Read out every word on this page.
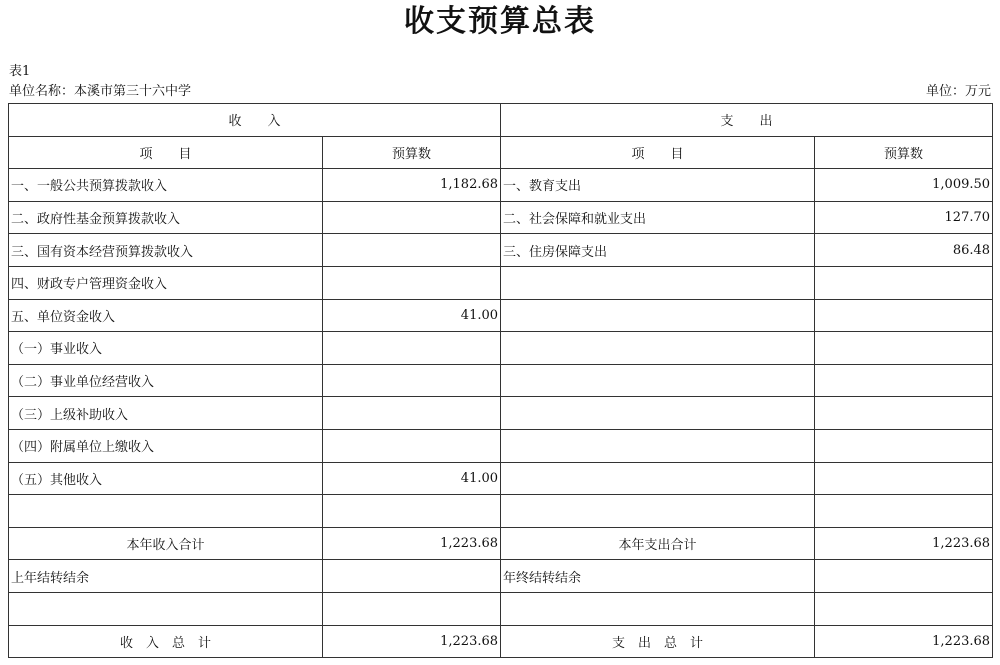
收支预算总表
表1
单位名称：本溪市第三十六中学	单位：万元
收　　入		支　　出	
项　　目	预算数	项　　目	预算数
一、一般公共预算拨款收入	1,182.68	一、教育支出	1,009.50
二、政府性基金预算拨款收入		二、社会保障和就业支出	127.70
三、国有资本经营预算拨款收入		三、住房保障支出	86.48
四、财政专户管理资金收入			
五、单位资金收入	41.00		
（一）事业收入			
（二）事业单位经营收入			
（三）上级补助收入			
（四）附属单位上缴收入			
（五）其他收入	41.00		

本年收入合计	1,223.68	本年支出合计	1,223.68
上年结转结余		年终结转结余	

收　入　总　计	1,223.68	支　出　总　计	1,223.68
